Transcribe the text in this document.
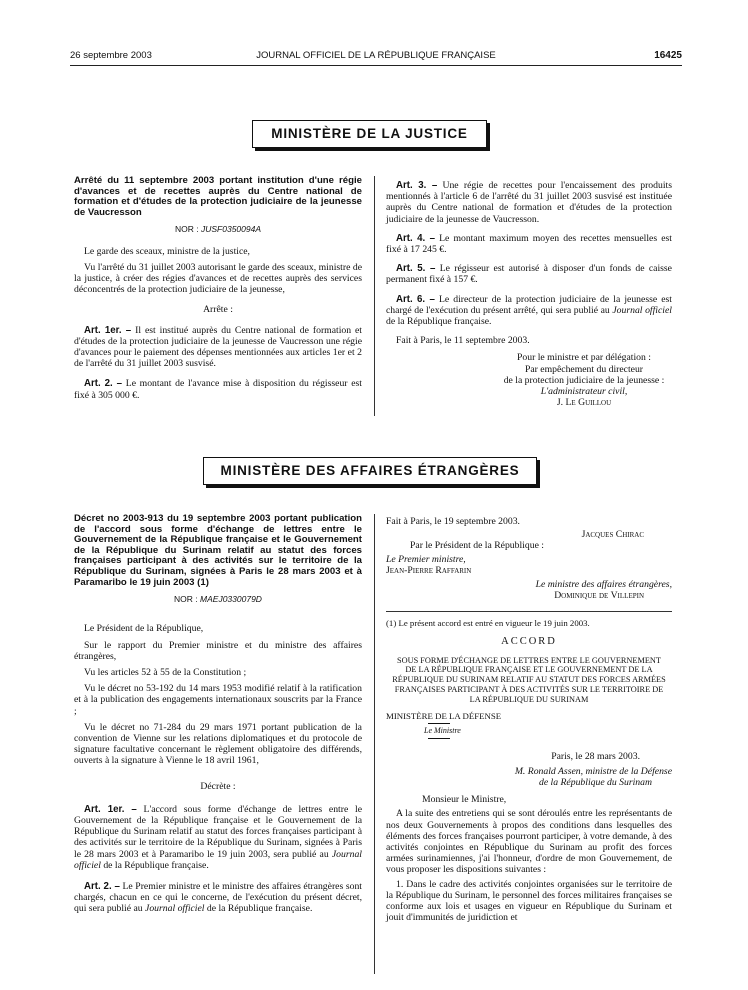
26 septembre 2003	JOURNAL OFFICIEL DE LA RÉPUBLIQUE FRANÇAISE	16425
MINISTÈRE DE LA JUSTICE
Arrêté du 11 septembre 2003 portant institution d'une régie d'avances et de recettes auprès du Centre national de formation et d'études de la protection judiciaire de la jeunesse de Vaucresson
NOR : JUSF0350094A

Le garde des sceaux, ministre de la justice,

Vu l'arrêté du 31 juillet 2003 autorisant le garde des sceaux, ministre de la justice, à créer des régies d'avances et de recettes auprès des services déconcentrés de la protection judiciaire de la jeunesse,

Arrête :

Art. 1er. – Il est institué auprès du Centre national de formation et d'études de la protection judiciaire de la jeunesse de Vaucresson une régie d'avances pour le paiement des dépenses mentionnées aux articles 1er et 2 de l'arrêté du 31 juillet 2003 susvisé.

Art. 2. – Le montant de l'avance mise à disposition du régisseur est fixé à 305 000 €.

Art. 3. – Une régie de recettes pour l'encaissement des produits mentionnés à l'article 6 de l'arrêté du 31 juillet 2003 susvisé est instituée auprès du Centre national de formation et d'études de la protection judiciaire de la jeunesse de Vaucresson.

Art. 4. – Le montant maximum moyen des recettes mensuelles est fixé à 17 245 €.

Art. 5. – Le régisseur est autorisé à disposer d'un fonds de caisse permanent fixé à 157 €.

Art. 6. – Le directeur de la protection judiciaire de la jeunesse est chargé de l'exécution du présent arrêté, qui sera publié au Journal officiel de la République française.

Fait à Paris, le 11 septembre 2003.

Pour le ministre et par délégation :
Par empêchement du directeur
de la protection judiciaire de la jeunesse :
L'administrateur civil,
J. Le Guillou
MINISTÈRE DES AFFAIRES ÉTRANGÈRES
Décret no 2003-913 du 19 septembre 2003 portant publication de l'accord sous forme d'échange de lettres entre le Gouvernement de la République française et le Gouvernement de la République du Surinam relatif au statut des forces françaises participant à des activités sur le territoire de la République du Surinam, signées à Paris le 28 mars 2003 et à Paramaribo le 19 juin 2003 (1)
NOR : MAEJ0330079D

Le Président de la République,

Sur le rapport du Premier ministre et du ministre des affaires étrangères,

Vu les articles 52 à 55 de la Constitution ;

Vu le décret no 53-192 du 14 mars 1953 modifié relatif à la ratification et à la publication des engagements internationaux souscrits par la France ;

Vu le décret no 71-284 du 29 mars 1971 portant publication de la convention de Vienne sur les relations diplomatiques et du protocole de signature facultative concernant le règlement obligatoire des différends, ouverts à la signature à Vienne le 18 avril 1961,

Décrète :

Art. 1er. – L'accord sous forme d'échange de lettres entre le Gouvernement de la République française et le Gouvernement de la République du Surinam relatif au statut des forces françaises participant à des activités sur le territoire de la République du Surinam, signées à Paris le 28 mars 2003 et à Paramaribo le 19 juin 2003, sera publié au Journal officiel de la République française.

Art. 2. – Le Premier ministre et le ministre des affaires étrangères sont chargés, chacun en ce qui le concerne, de l'exécution du présent décret, qui sera publié au Journal officiel de la République française.

Fait à Paris, le 19 septembre 2003.

Jacques Chirac
Par le Président de la République :
Le Premier ministre,
Jean-Pierre Raffarin
Le ministre des affaires étrangères,
Dominique de Villepin
(1) Le présent accord est entré en vigueur le 19 juin 2003.
ACCORD
SOUS FORME D'ÉCHANGE DE LETTRES ENTRE LE GOUVERNEMENT DE LA RÉPUBLIQUE FRANÇAISE ET LE GOUVERNEMENT DE LA RÉPUBLIQUE DU SURINAM RELATIF AU STATUT DES FORCES ARMÉES FRANÇAISES PARTICIPANT À DES ACTIVITÉS SUR LE TERRITOIRE DE LA RÉPUBLIQUE DU SURINAM
MINISTÈRE DE LA DÉFENSE
Le Ministre
Paris, le 28 mars 2003.
M. Ronald Assen, ministre de la Défense
de la République du Surinam
Monsieur le Ministre,

A la suite des entretiens qui se sont déroulés entre les représentants de nos deux Gouvernements à propos des conditions dans lesquelles des éléments des forces françaises pourront participer, à votre demande, à des activités conjointes en République du Surinam au profit des forces armées surinamiennes, j'ai l'honneur, d'ordre de mon Gouvernement, de vous proposer les dispositions suivantes :

1. Dans le cadre des activités conjointes organisées sur le territoire de la République du Surinam, le personnel des forces militaires françaises se conforme aux lois et usages en vigueur en République du Surinam et jouit d'immunités de juridiction et
